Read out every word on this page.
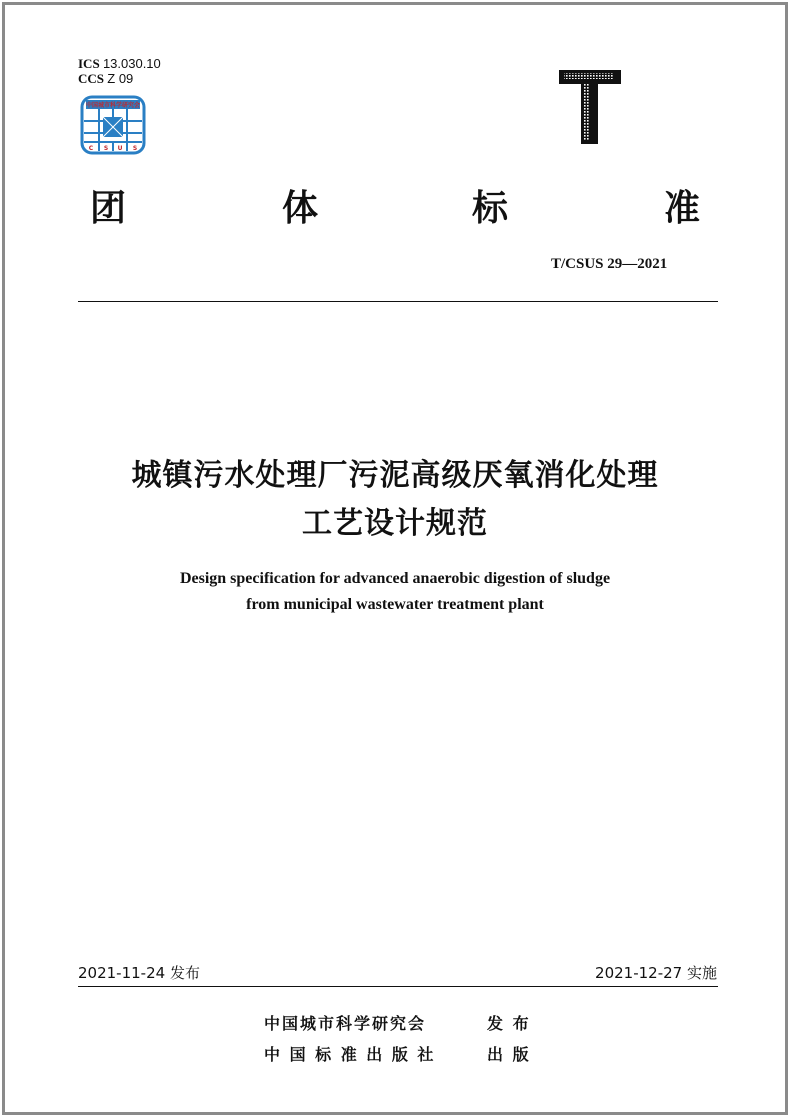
ICS 13.030.10
CCS Z 09
中国城市科学研究会
C S U S
团	体	标	准
T/CSUS 29—2021
城镇污水处理厂污泥高级厌氧消化处理
工艺设计规范
Design specification for advanced anaerobic digestion of sludge
from municipal wastewater treatment plant
2021-11-24 发布	2021-12-27 实施
中国城市科学研究会	发 布
中 国 标 准 出 版 社	出 版
